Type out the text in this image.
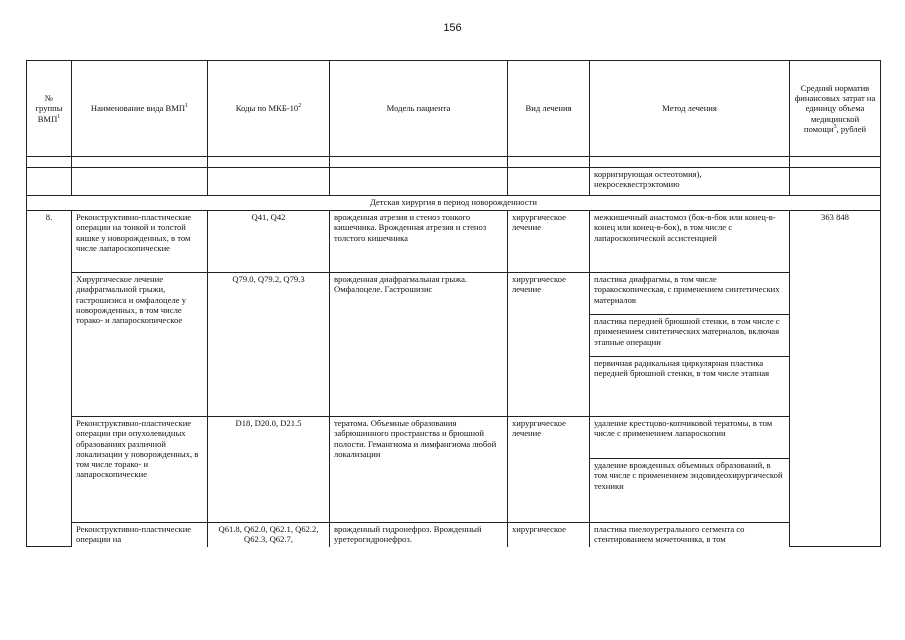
156
№ группы ВМП$^1$	Наименование вида ВМП$^1$	Коды по МКБ-$10^2$	Модель пациента	Вид лечения	Метод лечения	Средний норматив финансовых затрат на единицу объема медицинской помощи$^3$, рублей

					корригирующая остеотомия), некросеквестрэктомию	
Детская хирургия в период новорожденности						
8.	Реконструктивно-пластические операции на тонкой и толстой кишке у новорожденных, в том числе лапароскопические	Q41, Q42	врожденная атрезия и стеноз тонкого кишечника. Врожденная атрезия и стеноз толстого кишечника	хирургическое лечение	межкишечный анастомоз (бок-в-бок или конец-в-конец или конец-в-бок), в том числе с лапароскопической ассистенцией	363 848
	Хирургическое лечение диафрагмальной грыжи, гастрошизиса и омфалоцеле у новорожденных, в том числе торако- и лапароскопическое	Q79.0, Q79.2, Q79.3	врожденная диафрагмальная грыжа. Омфалоцеле. Гастрошизис	хирургическое лечение	пластика диафрагмы, в том числе торакоскопическая, с применением синтетических материалов	
					пластика передней брюшной стенки, в том числе с применением синтетических материалов, включая этапные операции	
					первичная радикальная циркулярная пластика передней брюшной стенки, в том числе этапная	
	Реконструктивно-пластические операции при опухолевидных образованиях различной локализации у новорожденных, в том числе торако- и лапароскопические	D18, D20.0, D21.5	тератома. Объемные образования забрюшинного пространства и брюшной полости. Гемангиома и лимфангиома любой локализации	хирургическое лечение	удаление крестцово-копчиковой тератомы, в том числе с применением лапароскопии	
					удаление врожденных объемных образований, в том числе с применением эндовидеохирургической техники	
	Реконструктивно-пластические операции на	Q61.8, Q62.0, Q62.1, Q62.2, Q62.3, Q62.7,	врожденный гидронефроз. Врожденный уретерогидронефроз.	хирургическое	пластика пиелоуретрального сегмента со стентированием мочеточника, в том	
